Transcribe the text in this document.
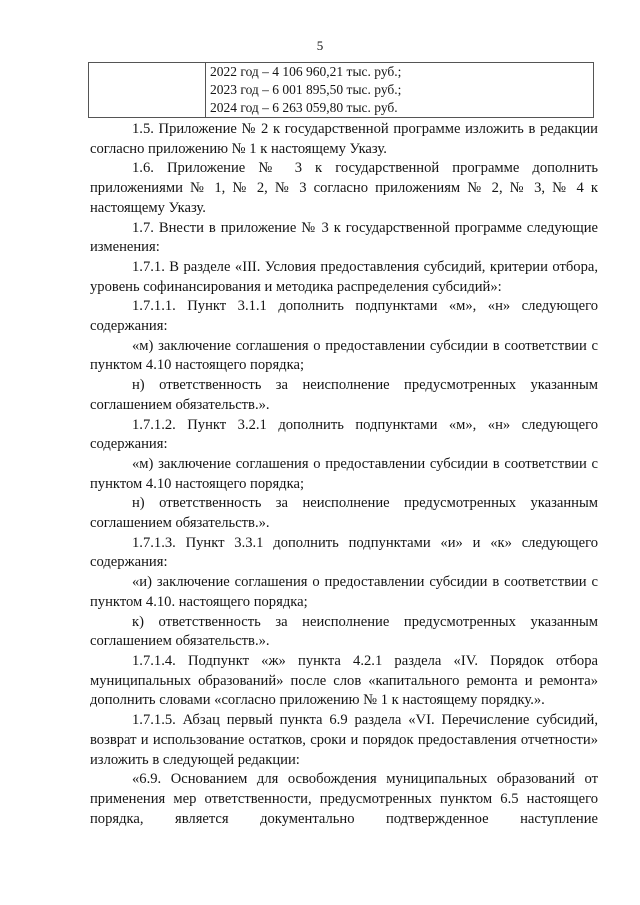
5

2022 год – 4 106 960,21 тыс. руб.;
2023 год – 6 001 895,50 тыс. руб.;
2024 год – 6 263 059,80 тыс. руб.

1.5. Приложение № 2 к государственной программе изложить в редакции согласно приложению № 1 к настоящему Указу.

1.6. Приложение № 3 к государственной программе дополнить приложениями № 1, № 2, № 3 согласно приложениям № 2, № 3, № 4 к настоящему Указу.

1.7. Внести в приложение № 3 к государственной программе следующие изменения:

1.7.1. В разделе «III. Условия предоставления субсидий, критерии отбора, уровень софинансирования и методика распределения субсидий»:

1.7.1.1. Пункт 3.1.1 дополнить подпунктами «м», «н» следующего содержания:

«м) заключение соглашения о предоставлении субсидии в соответствии с пунктом 4.10 настоящего порядка;

н) ответственность за неисполнение предусмотренных указанным соглашением обязательств.».

1.7.1.2. Пункт 3.2.1 дополнить подпунктами «м», «н» следующего содержания:

«м) заключение соглашения о предоставлении субсидии в соответствии с пунктом 4.10 настоящего порядка;

н) ответственность за неисполнение предусмотренных указанным соглашением обязательств.».

1.7.1.3. Пункт 3.3.1 дополнить подпунктами «и» и «к» следующего содержания:

«и) заключение соглашения о предоставлении субсидии в соответствии с пунктом 4.10. настоящего порядка;

к) ответственность за неисполнение предусмотренных указанным соглашением обязательств.».

1.7.1.4. Подпункт «ж» пункта 4.2.1 раздела «IV. Порядок отбора муниципальных образований» после слов «капитального ремонта и ремонта» дополнить словами «согласно приложению № 1 к настоящему порядку.».

1.7.1.5. Абзац первый пункта 6.9 раздела «VI. Перечисление субсидий, возврат и использование остатков, сроки и порядок предоставления отчетности» изложить в следующей редакции:

«6.9. Основанием для освобождения муниципальных образований от применения мер ответственности, предусмотренных пунктом 6.5 настоящего порядка, является документально подтвержденное наступление
